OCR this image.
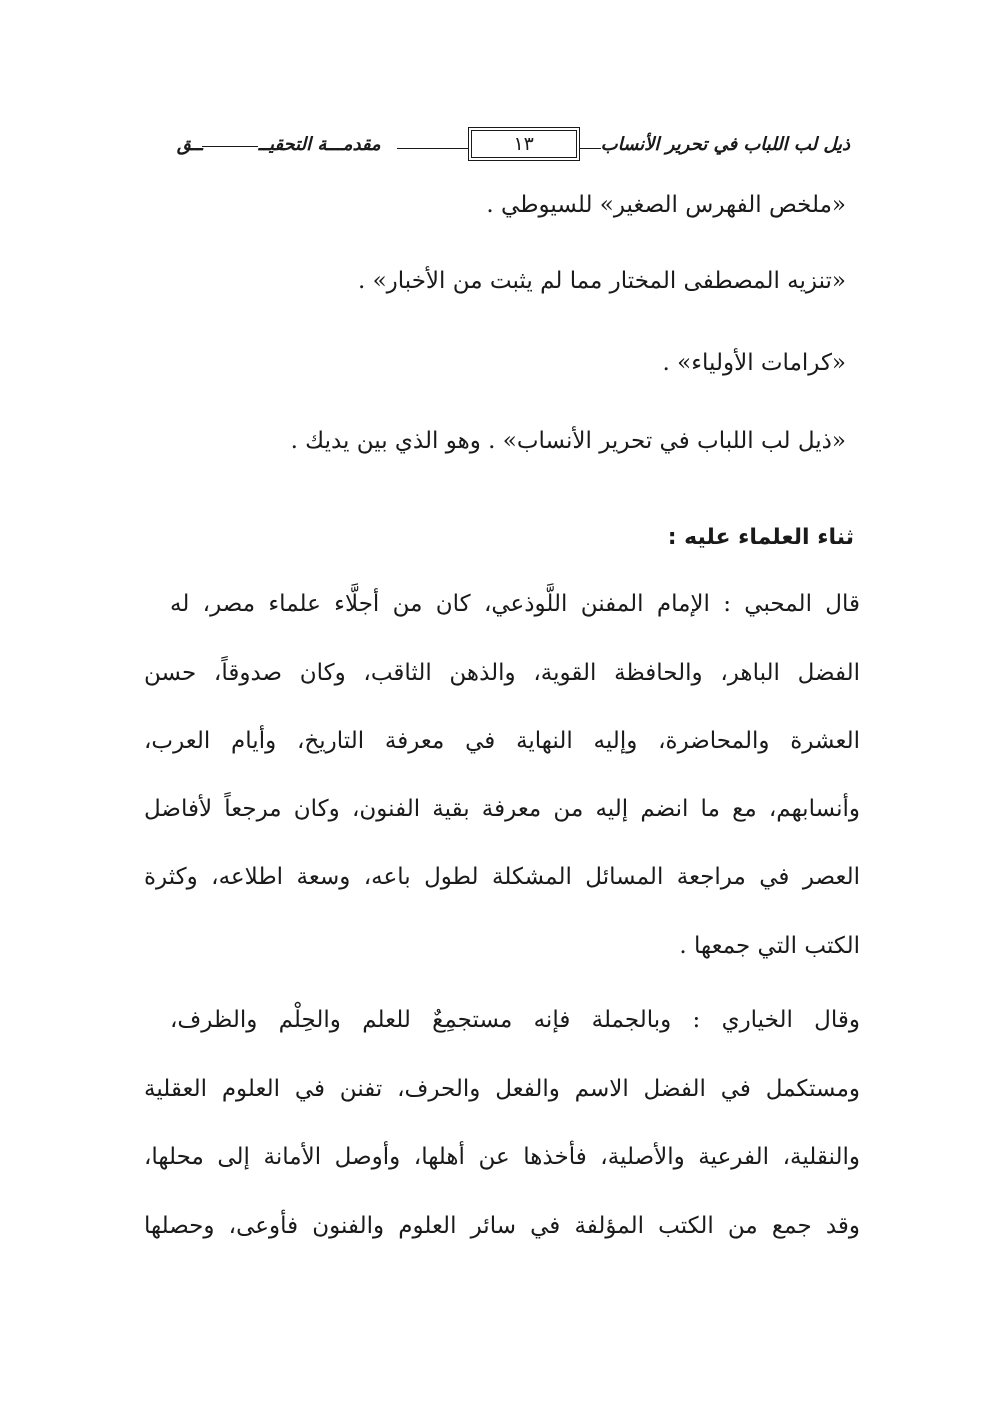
ذيل لب اللباب في تحرير الأنساب
١٣
مقدمـــة التحقيــــق
«ملخص الفهرس الصغير» للسيوطي .
«تنزيه المصطفى المختار مما لم يثبت من الأخبار» .
«كرامات الأولياء» .
«ذيل لب اللباب في تحرير الأنساب» . وهو الذي بين يديك .
ثناء العلماء عليه :
قال المحبي : الإمام المفنن اللَّوذعي، كان من أجلَّاء علماء مصر، له
الفضل الباهر، والحافظة القوية، والذهن الثاقب، وكان صدوقاً، حسن
العشرة والمحاضرة، وإليه النهاية في معرفة التاريخ، وأيام العرب،
وأنسابهم، مع ما انضم إليه من معرفة بقية الفنون، وكان مرجعاً لأفاضل
العصر في مراجعة المسائل المشكلة لطول باعه، وسعة اطلاعه، وكثرة
الكتب التي جمعها .
وقال الخياري : وبالجملة فإنه مستجمِعٌ للعلم والحِلْم والظرف،
ومستكمل في الفضل الاسم والفعل والحرف، تفنن في العلوم العقلية
والنقلية، الفرعية والأصلية، فأخذها عن أهلها، وأوصل الأمانة إلى محلها،
وقد جمع من الكتب المؤلفة في سائر العلوم والفنون فأوعى، وحصلها
